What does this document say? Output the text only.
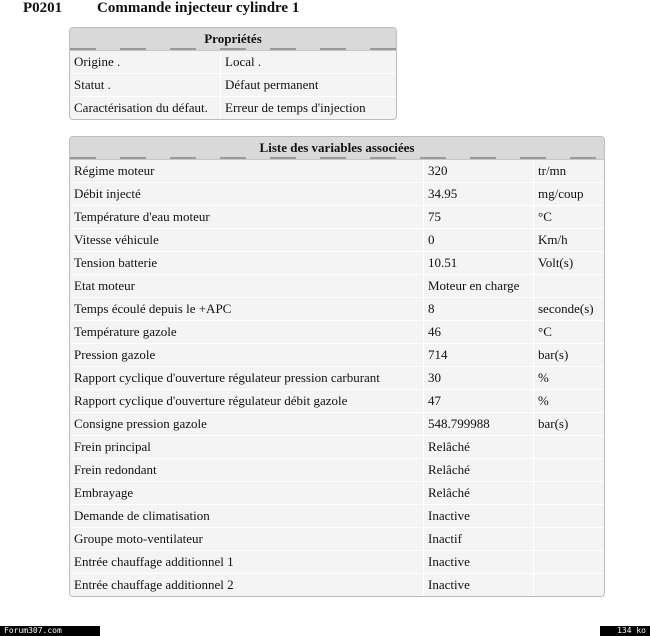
P0201 Commande injecteur cylindre 1
Propriétés
Origine .	Local .
Statut .	Défaut permanent
Caractérisation du défaut.	Erreur de temps d'injection
Liste des variables associées
Régime moteur	320	tr/mn
Débit injecté	34.95	mg/coup
Température d'eau moteur	75	°C
Vitesse véhicule	0	Km/h
Tension batterie	10.51	Volt(s)
Etat moteur	Moteur en charge	
Temps écoulé depuis le +APC	8	seconde(s)
Température gazole	46	°C
Pression gazole	714	bar(s)
Rapport cyclique d'ouverture régulateur pression carburant	30	%
Rapport cyclique d'ouverture régulateur débit gazole	47	%
Consigne pression gazole	548.799988	bar(s)
Frein principal	Relâché	
Frein redondant	Relâché	
Embrayage	Relâché	
Demande de climatisation	Inactive	
Groupe moto-ventilateur	Inactif	
Entrée chauffage additionnel 1	Inactive	
Entrée chauffage additionnel 2	Inactive	
Forum307.com	134 ko
